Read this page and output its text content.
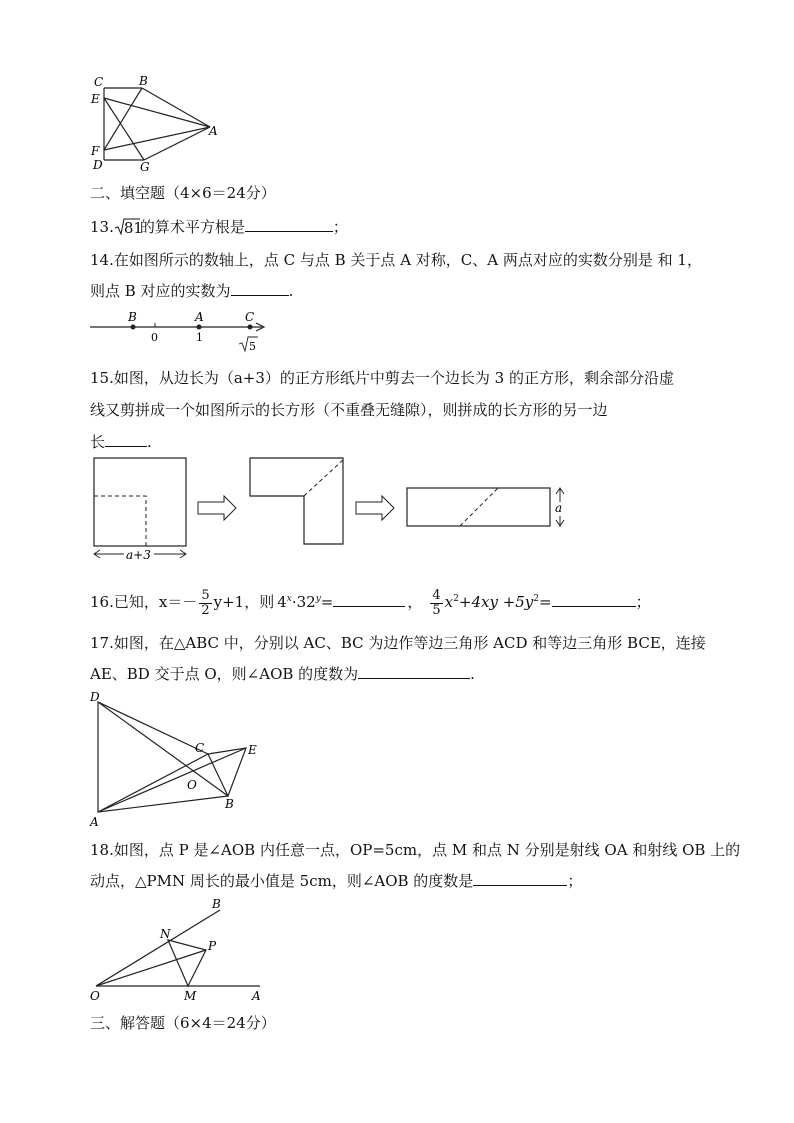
C	B
E
F
D	G
A
二、填空题（4×6＝24分）
13. 81
的算术平方根是	；
14.在如图所示的数轴上，点 C 与点 B 关于点 A 对称，C、A 两点对应的实数分别是 和 1，
则点 B 对应的实数为	.
B
0
A
1
C
5
15.如图，从边长为（a+3）的正方形纸片中剪去一个边长为 3 的正方形，剩余部分沿虚
线又剪拼成一个如图所示的长方形（不重叠无缝隙），则拼成的长方形的另一边
长	.
a+3
a
16.已知，$x=- \frac{5}{2} y+1$，则 $4^x\cdot 32^y=$	， $\frac{4}{5} x^2+4xy +5y^2=$	；
17.如图，在△ABC 中，分别以 AC、BC 为边作等边三角形 ACD 和等边三角形 BCE，连接
AE、BD 交于点 O，则∠AOB 的度数为	.
D
C	E
O
B
A
18.如图，点 P 是∠AOB 内任意一点，OP=5cm，点 M 和点 N 分别是射线 OA 和射线 OB 上的
动点，△PMN 周长的最小值是 5cm，则∠AOB 的度数是	；
B
N
P
O	M	A
三、解答题（6×4＝24分）
